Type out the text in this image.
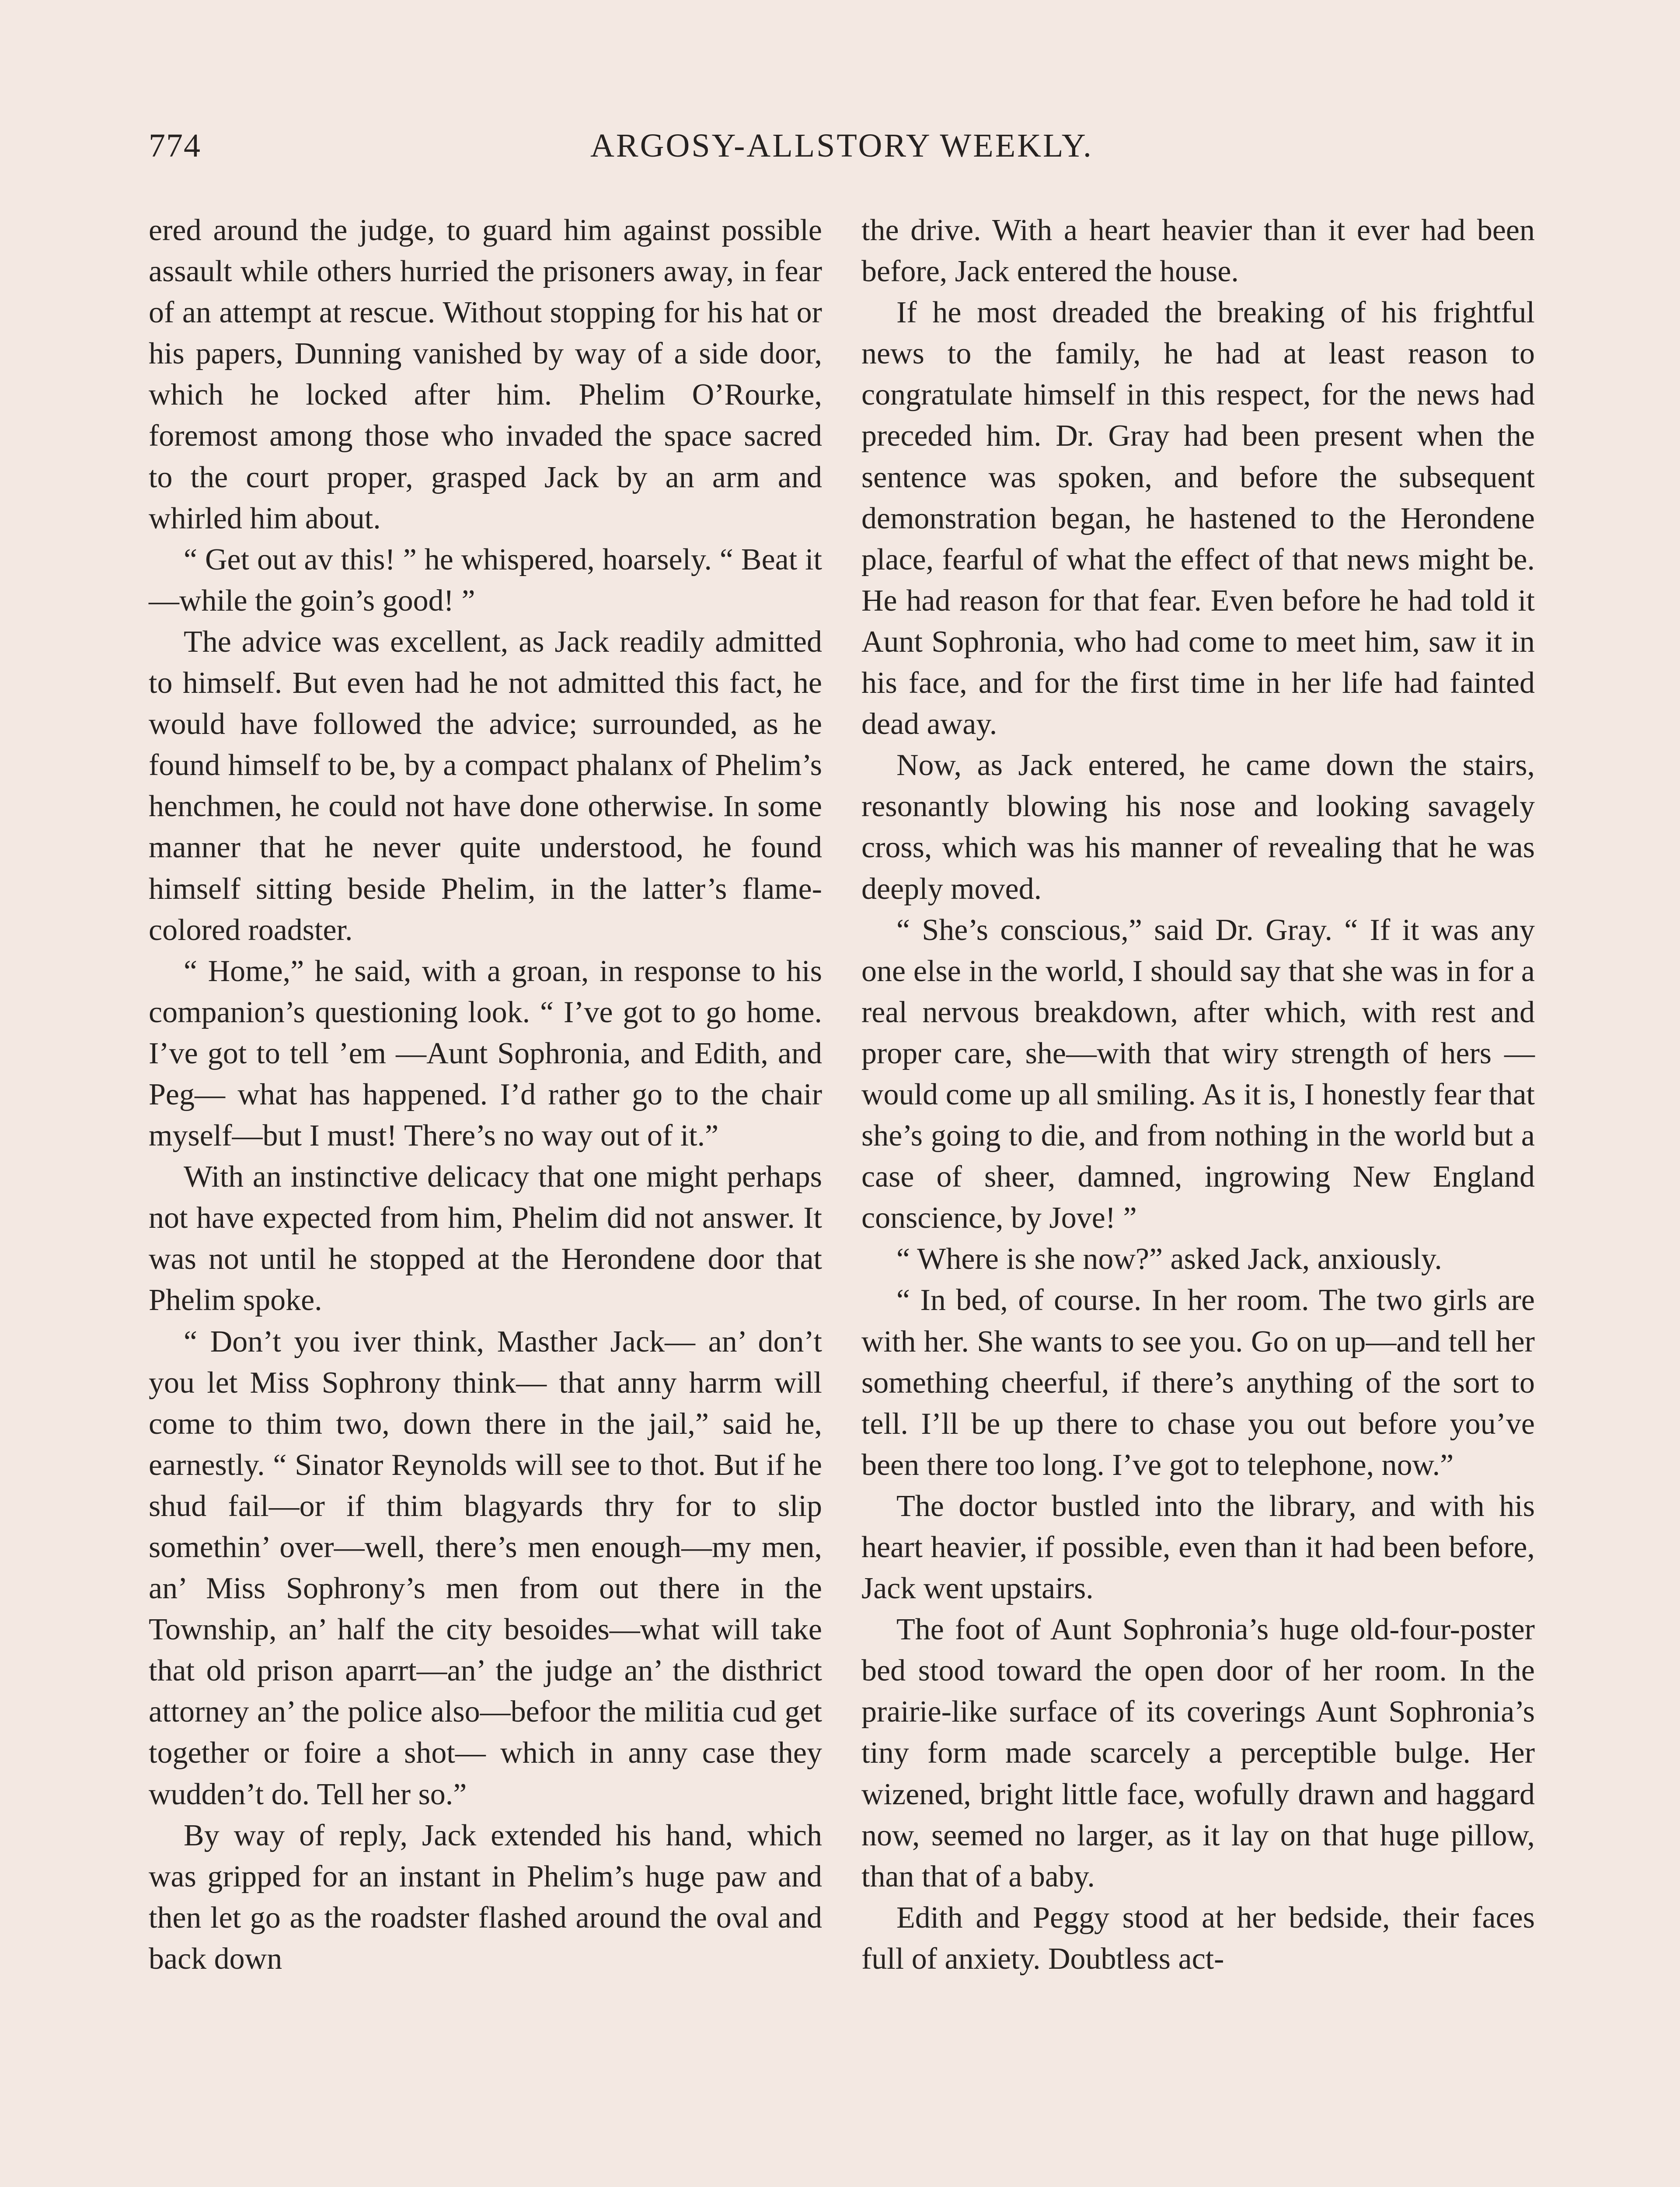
774	ARGOSY-ALLSTORY WEEKLY.

ered around the judge, to guard him against possible assault while others hurried the prisoners away, in fear of an attempt at rescue. Without stopping for his hat or his papers, Dunning vanished by way of a side door, which he locked after him. Phelim O’Rourke, foremost among those who invaded the space sacred to the court proper, grasped Jack by an arm and whirled him about.

“ Get out av this! ” he whispered, hoarsely. “ Beat it—while the goin’s good! ”

The advice was excellent, as Jack readily admitted to himself. But even had he not admitted this fact, he would have followed the advice; surrounded, as he found himself to be, by a compact phalanx of Phelim’s henchmen, he could not have done otherwise. In some manner that he never quite understood, he found himself sitting beside Phelim, in the latter’s flame-colored roadster.

“ Home,” he said, with a groan, in response to his companion’s questioning look. “ I’ve got to go home. I’ve got to tell ’em —Aunt Sophronia, and Edith, and Peg— what has happened. I’d rather go to the chair myself—but I must! There’s no way out of it.”

With an instinctive delicacy that one might perhaps not have expected from him, Phelim did not answer. It was not until he stopped at the Herondene door that Phelim spoke.

“ Don’t you iver think, Masther Jack— an’ don’t you let Miss Sophrony think— that anny harrm will come to thim two, down there in the jail,” said he, earnestly. “ Sinator Reynolds will see to thot. But if he shud fail—or if thim blagyards thry for to slip somethin’ over—well, there’s men enough—my men, an’ Miss Sophrony’s men from out there in the Township, an’ half the city besoides—what will take that old prison aparrt—an’ the judge an’ the disthrict attorney an’ the police also—befoor the militia cud get together or foire a shot— which in anny case they wudden’t do. Tell her so.”

By way of reply, Jack extended his hand, which was gripped for an instant in Phelim’s huge paw and then let go as the roadster flashed around the oval and back down

the drive. With a heart heavier than it ever had been before, Jack entered the house.

If he most dreaded the breaking of his frightful news to the family, he had at least reason to congratulate himself in this respect, for the news had preceded him. Dr. Gray had been present when the sentence was spoken, and before the subsequent demonstration began, he hastened to the Herondene place, fearful of what the effect of that news might be. He had reason for that fear. Even before he had told it Aunt Sophronia, who had come to meet him, saw it in his face, and for the first time in her life had fainted dead away.

Now, as Jack entered, he came down the stairs, resonantly blowing his nose and looking savagely cross, which was his manner of revealing that he was deeply moved.

“ She’s conscious,” said Dr. Gray. “ If it was any one else in the world, I should say that she was in for a real nervous breakdown, after which, with rest and proper care, she—with that wiry strength of hers —would come up all smiling. As it is, I honestly fear that she’s going to die, and from nothing in the world but a case of sheer, damned, ingrowing New England conscience, by Jove! ”

“ Where is she now?” asked Jack, anxiously.

“ In bed, of course. In her room. The two girls are with her. She wants to see you. Go on up—and tell her something cheerful, if there’s anything of the sort to tell. I’ll be up there to chase you out before you’ve been there too long. I’ve got to telephone, now.”

The doctor bustled into the library, and with his heart heavier, if possible, even than it had been before, Jack went upstairs.

The foot of Aunt Sophronia’s huge old-four-poster bed stood toward the open door of her room. In the prairie-like surface of its coverings Aunt Sophronia’s tiny form made scarcely a perceptible bulge. Her wizened, bright little face, wofully drawn and haggard now, seemed no larger, as it lay on that huge pillow, than that of a baby.

Edith and Peggy stood at her bedside, their faces full of anxiety. Doubtless act-
